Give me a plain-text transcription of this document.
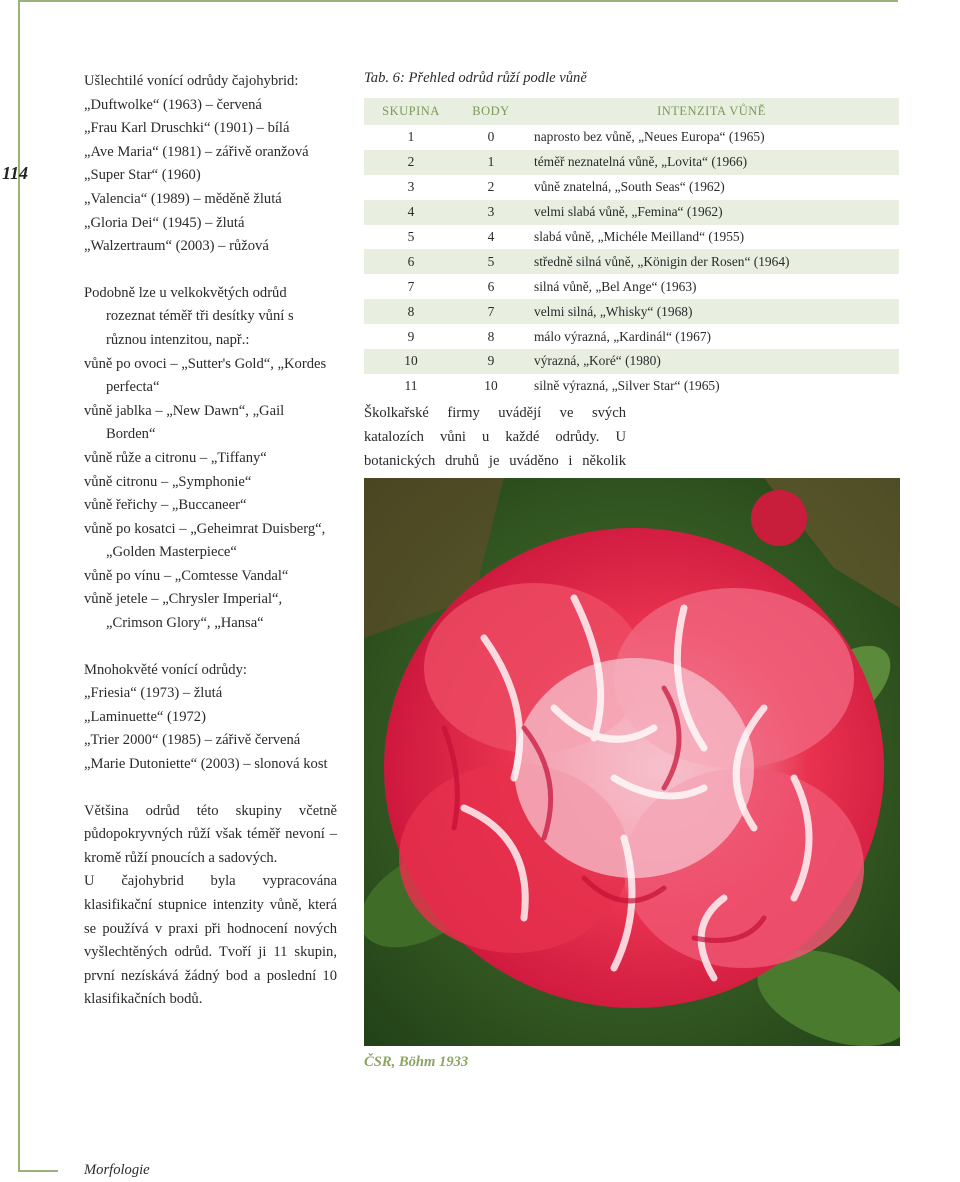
114
Ušlechtilé vonící odrůdy čajohybrid:
„Duftwolke“ (1963) – červená
„Frau Karl Druschki“ (1901) – bílá
„Ave Maria“ (1981) – zářivě oranžová
„Super Star“ (1960)
„Valencia“ (1989) – měděně žlutá
„Gloria Dei“ (1945) – žlutá
„Walzertraum“ (2003) – růžová
Podobně lze u velkokvětých odrůd rozeznat téměř tři desítky vůní s různou intenzitou, např.:
vůně po ovoci – „Sutter's Gold“, „Kordes perfecta“
vůně jablka – „New Dawn“, „Gail Borden“
vůně růže a citronu – „Tiffany“
vůně citronu – „Symphonie“
vůně řeřichy – „Buccaneer“
vůně po kosatci – „Geheimrat Duisberg“, „Golden Masterpiece“
vůně po vínu – „Comtesse Vandal“
vůně jetele – „Chrysler Imperial“, „Crimson Glory“, „Hansa“
Mnohokvěté vonící odrůdy:
„Friesia“ (1973) – žlutá
„Laminuette“ (1972)
„Trier 2000“ (1985) – zářivě červená
„Marie Dutoniette“ (2003) – slonová kost

Většina odrůd této skupiny včetně půdopokryvných růží však téměř nevoní – kromě růží pnoucích a sadových.

U čajohybrid byla vypracována klasifikační stupnice intenzity vůně, která se používá v praxi při hodnocení nových vyšlechtěných odrůd. Tvoří ji 11 skupin, první nezískává žádný bod a poslední 10 klasifikačních bodů.

Tab. 6: Přehled odrůd růží podle vůně
SKUPINA	BODY	INTENZITA VŮNĚ
1	0	naprosto bez vůně, „Neues Europa“ (1965)
2	1	téměř neznatelná vůně, „Lovita“ (1966)
3	2	vůně znatelná, „South Seas“ (1962)
4	3	velmi slabá vůně, „Femina“ (1962)
5	4	slabá vůně, „Michéle Meilland“ (1955)
6	5	středně silná vůně, „Königin der Rosen“ (1964)
7	6	silná vůně, „Bel Ange“ (1963)
8	7	velmi silná, „Whisky“ (1968)
9	8	málo výrazná, „Kardinál“ (1967)
10	9	výrazná, „Koré“ (1980)
11	10	silně výrazná, „Silver Star“ (1965)

Školkařské firmy uvádějí ve svých katalozích vůni u každé odrůdy. U botanických druhů je uváděno i několik

ČSR, Böhm 1933
Morfologie
